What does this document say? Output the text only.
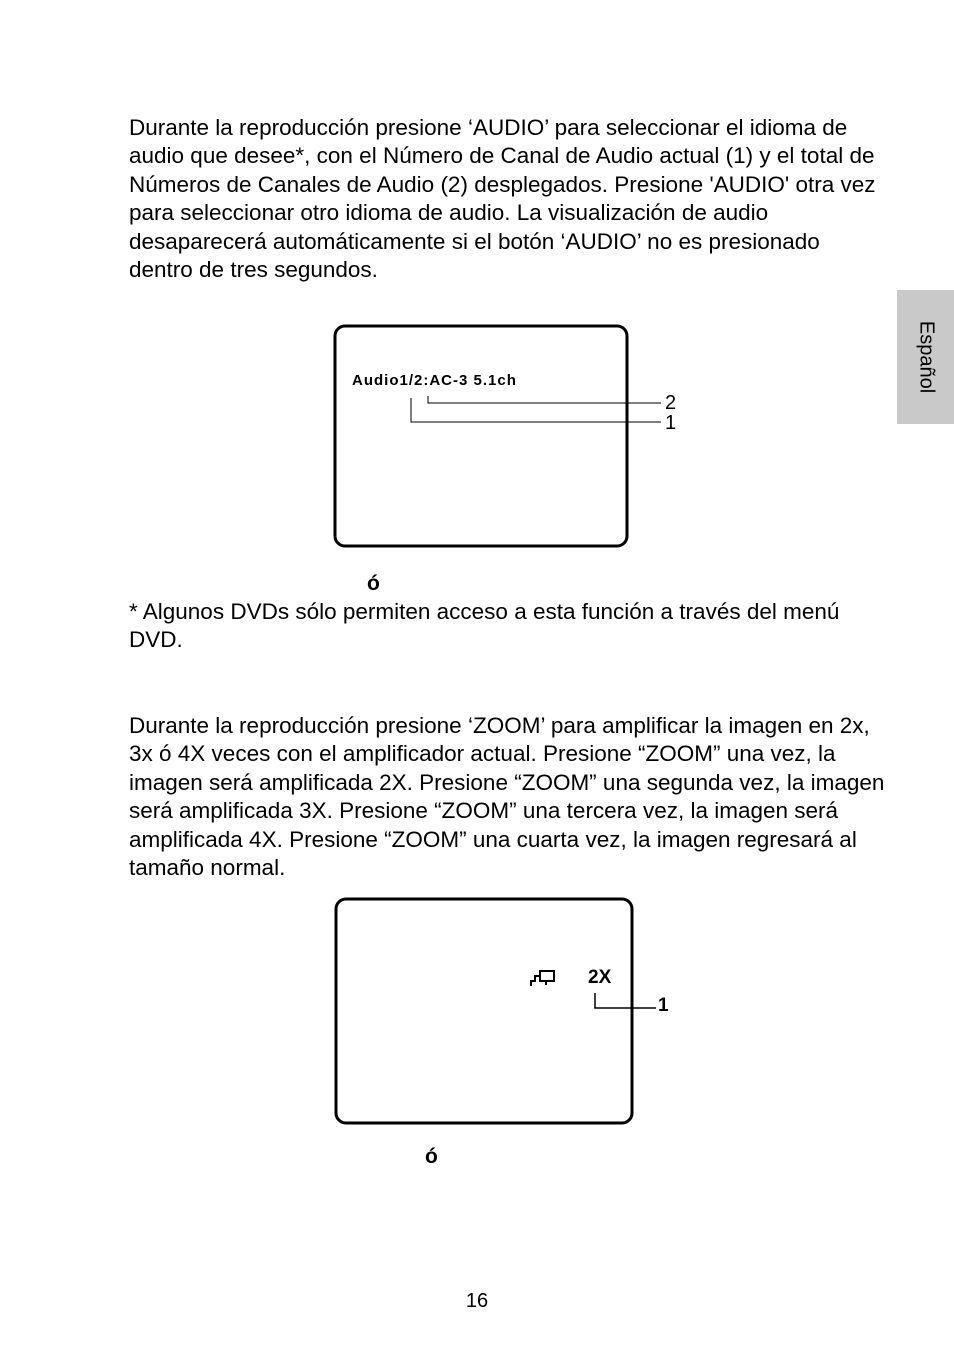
Español

Durante la reproducción presione ‘AUDIO’ para seleccionar el idioma de audio que desee*, con el Número de Canal de Audio actual (1) y el total de Números de Canales de Audio (2) desplegados. Presione 'AUDIO' otra vez para seleccionar otro idioma de audio. La visualización de audio desaparecerá automáticamente si el botón ‘AUDIO’ no es presionado dentro de tres segundos.

Audio1/2:AC-3 5.1ch
2
1
ó

* Algunos DVDs sólo permiten acceso a esta función a través del menú DVD.

Durante la reproducción presione ‘ZOOM’ para amplificar la imagen en 2x, 3x ó 4X veces con el amplificador actual. Presione “ZOOM” una vez, la imagen será amplificada 2X. Presione “ZOOM” una segunda vez, la imagen será amplificada 3X. Presione “ZOOM” una tercera vez, la imagen será amplificada 4X. Presione “ZOOM” una cuarta vez, la imagen regresará al tamaño normal.

2X
1
ó
16
